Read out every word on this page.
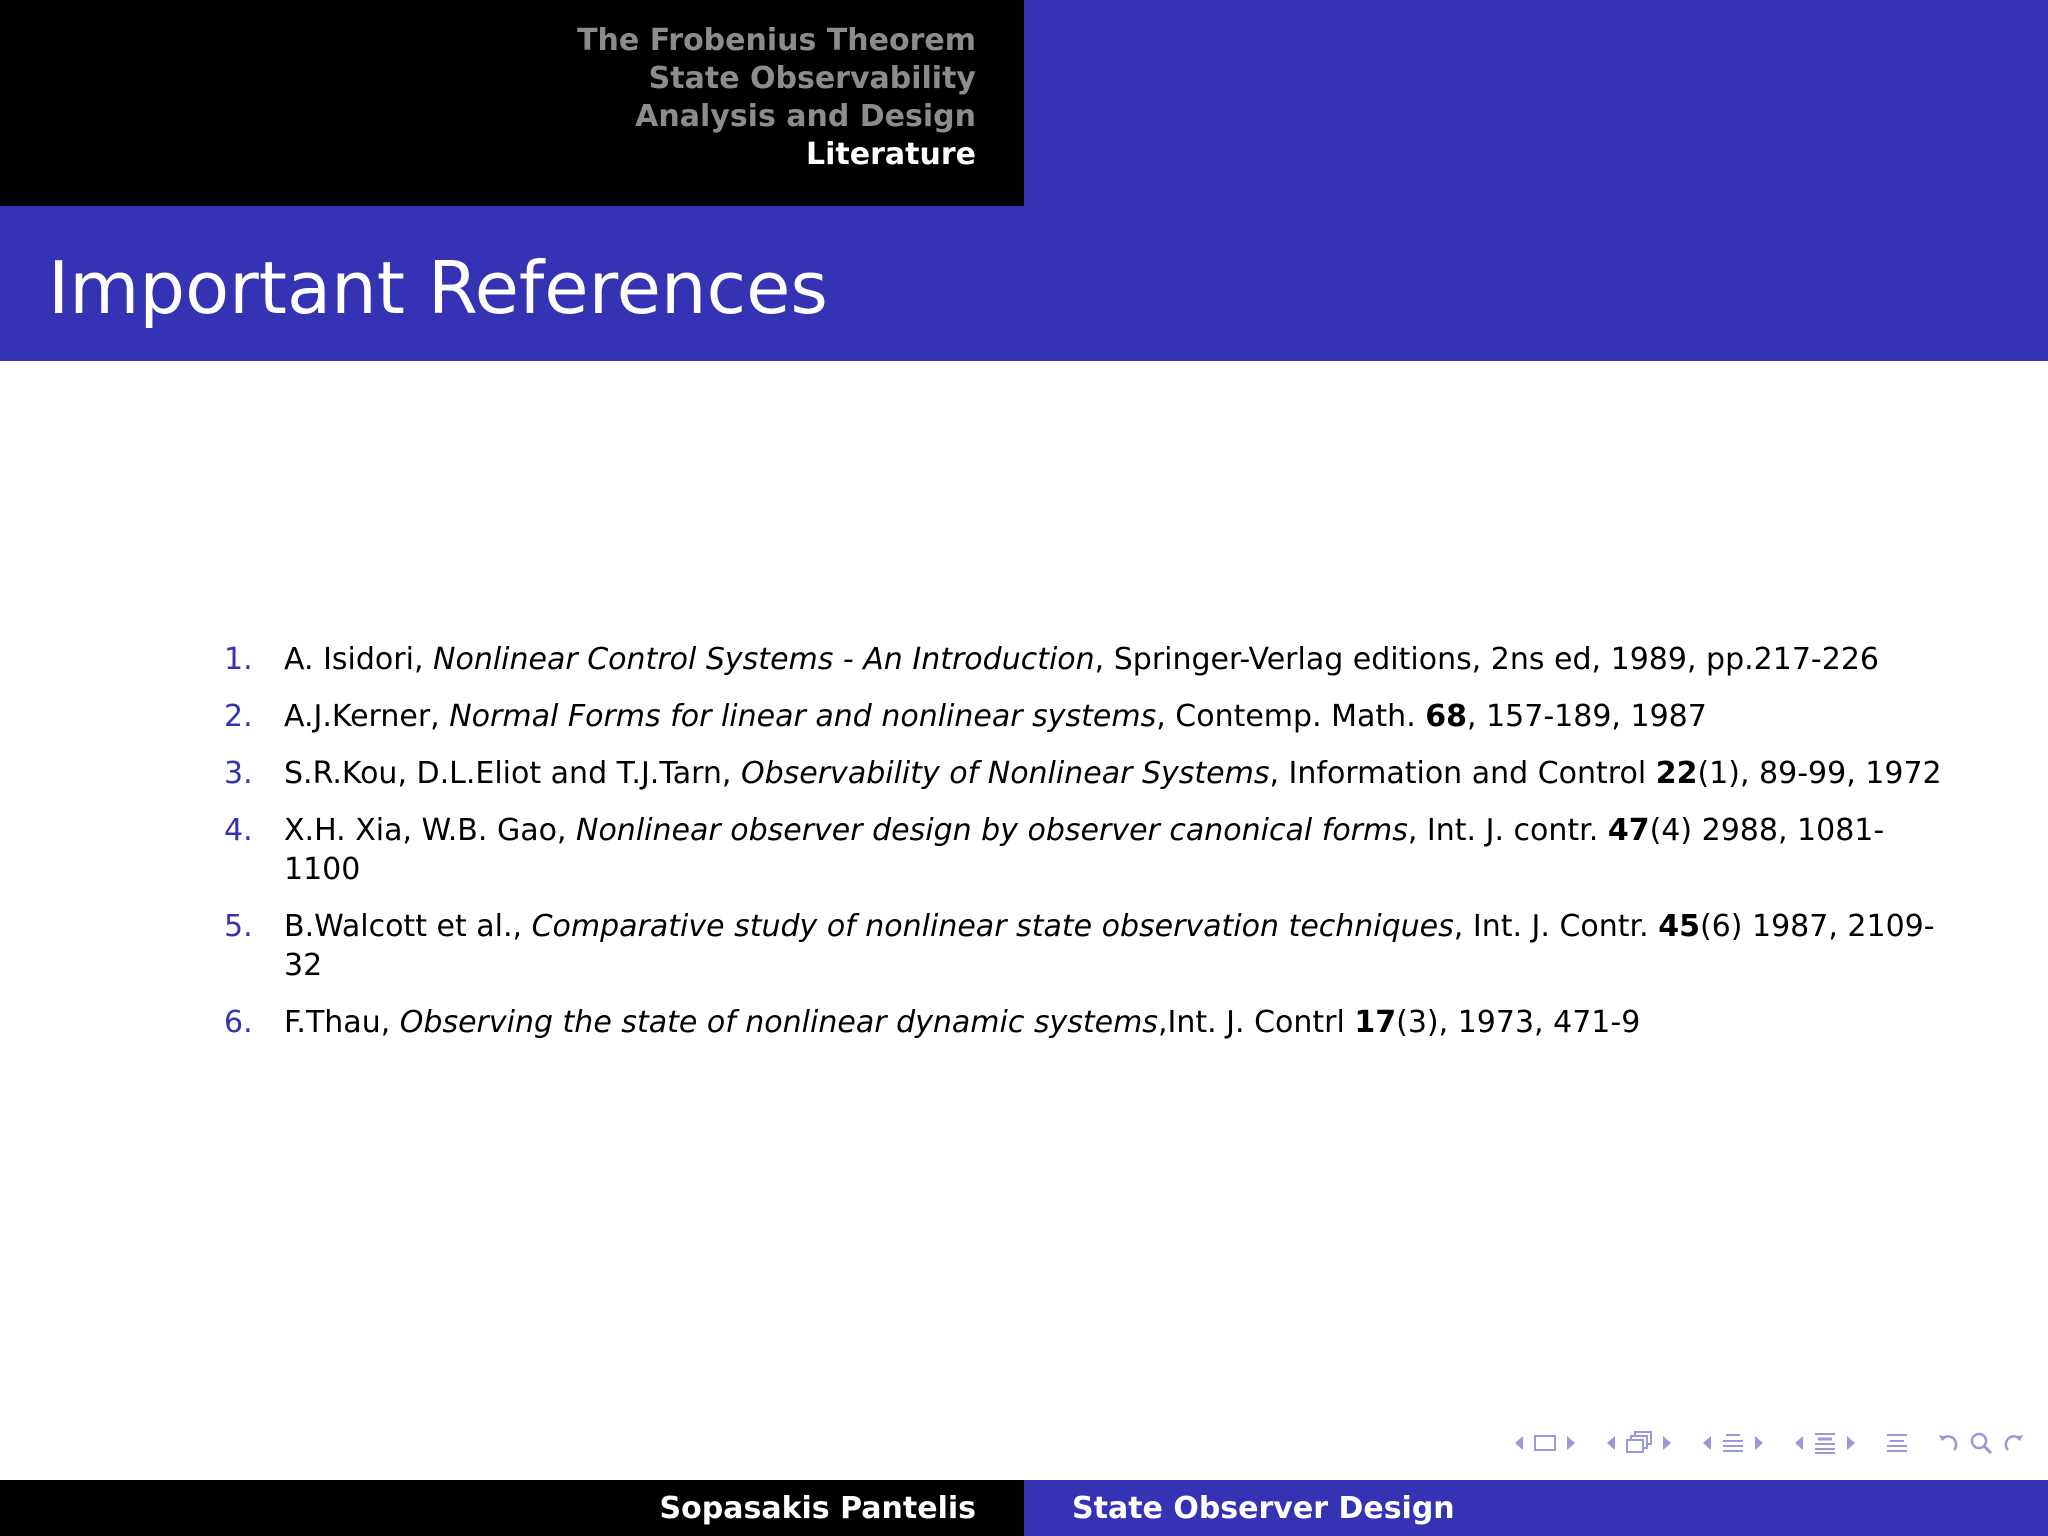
The Frobenius Theorem
State Observability
Analysis and Design
Literature
Important References
1.	A. Isidori, Nonlinear Control Systems - An Introduction, Springer-Verlag editions, 2ns ed, 1989, pp.217-226
2.	A.J.Kerner, Normal Forms for linear and nonlinear systems, Contemp. Math. 68, 157-189, 1987
3.	S.R.Kou, D.L.Eliot and T.J.Tarn, Observability of Nonlinear Systems, Information and Control 22(1), 89-99, 1972
4.	X.H. Xia, W.B. Gao, Nonlinear observer design by observer canonical forms, Int. J. contr. 47(4) 2988, 1081-1100
5.	B.Walcott et al., Comparative study of nonlinear state observation techniques, Int. J. Contr. 45(6) 1987, 2109-32
6.	F.Thau, Observing the state of nonlinear dynamic systems,Int. J. Contrl 17(3), 1973, 471-9
Sopasakis Pantelis	State Observer Design
